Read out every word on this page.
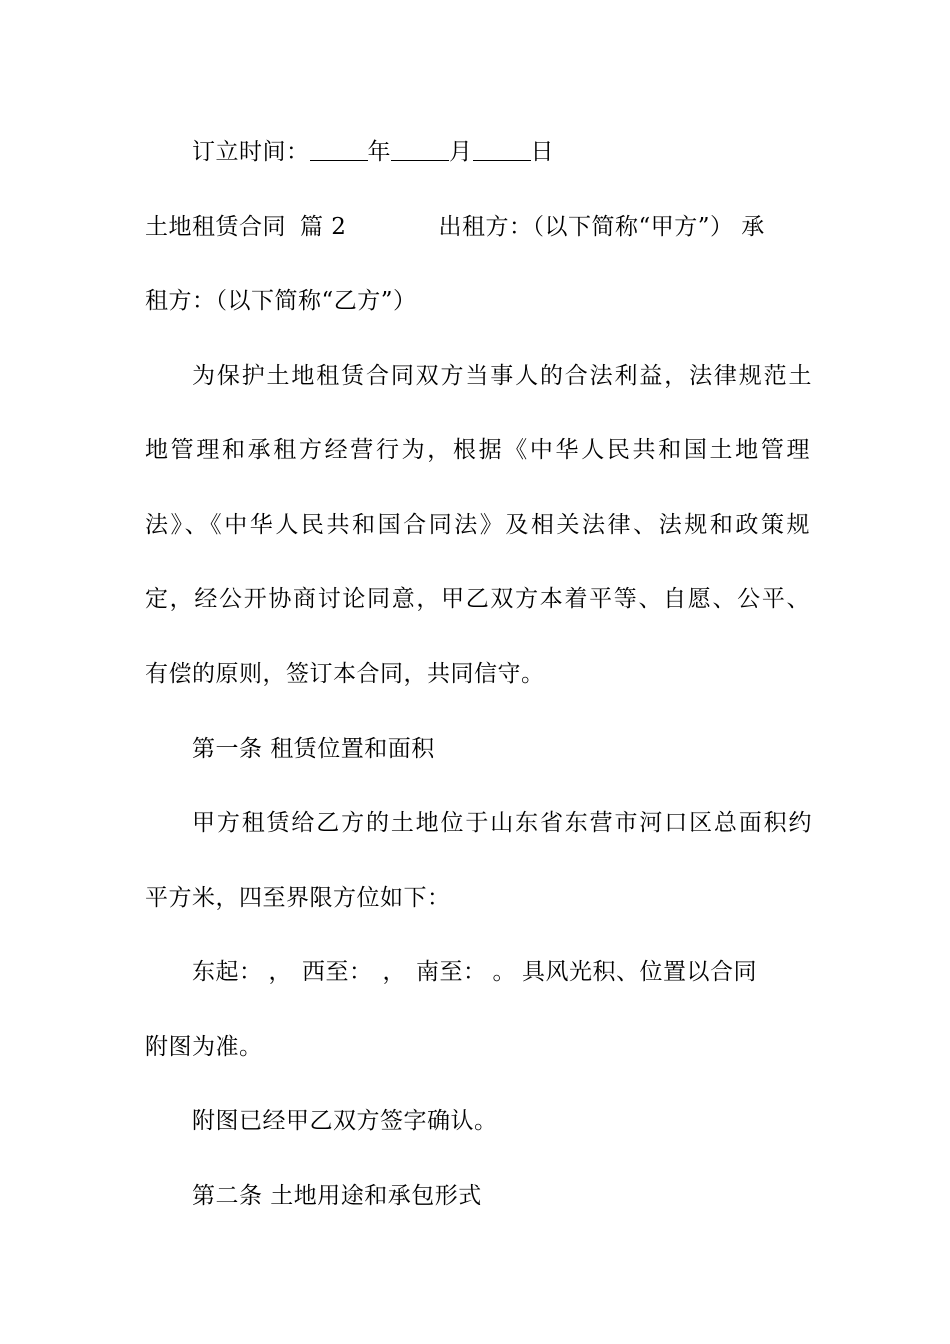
订立时间：	年	月	日
土地租赁合同 篇 2	出租方：（以下简称“甲方”） 承
租方：（以下简称“乙方”）
为保护土地租赁合同双方当事人的合法利益，法律规范土
地管理和承租方经营行为，根据《中华人民共和国土地管理
法》、《中华人民共和国合同法》及相关法律、法规和政策规
定，经公开协商讨论同意，甲乙双方本着平等、自愿、公平、
有偿的原则，签订本合同，共同信守。
第一条 租赁位置和面积
甲方租赁给乙方的土地位于山东省东营市河口区总面积约
平方米，四至界限方位如下：
东起： ， 西至： ， 南至： 。 具风光积、位置以合同
附图为准。
附图已经甲乙双方签字确认。
第二条 土地用途和承包形式
